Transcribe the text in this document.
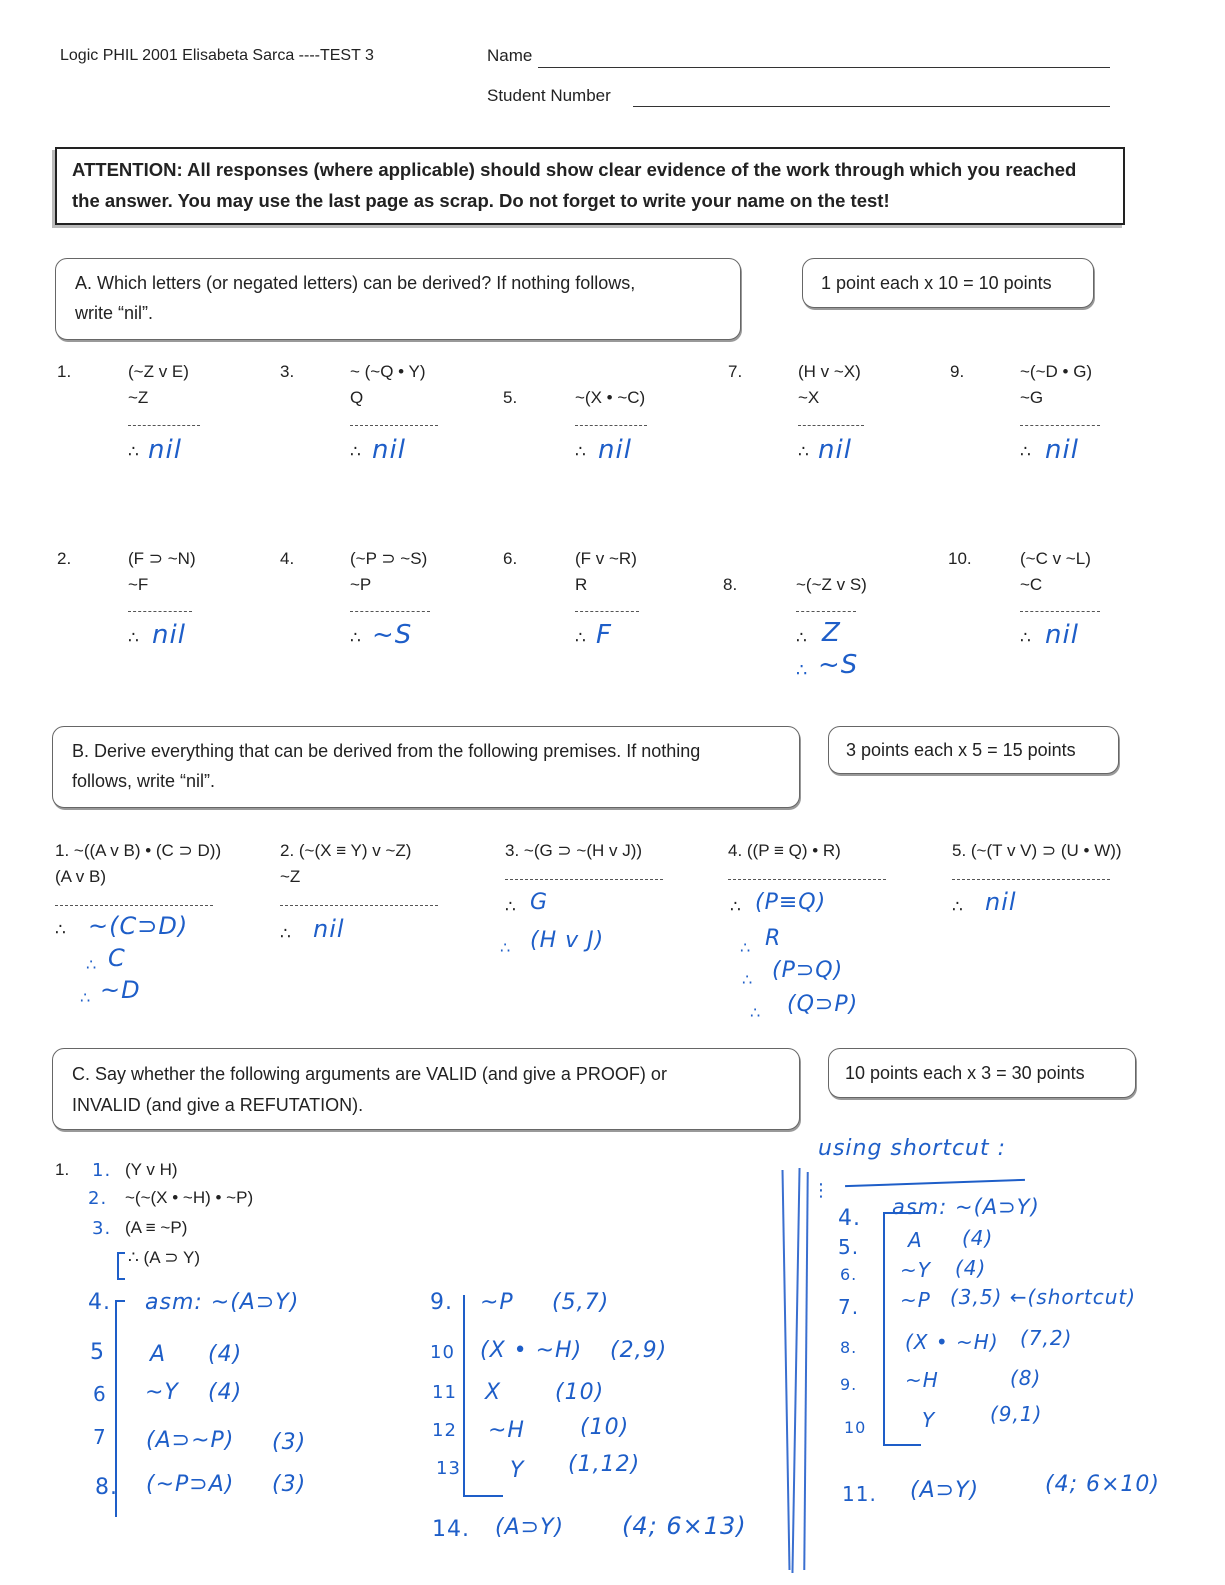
Logic PHIL 2001 Elisabeta Sarca ----TEST 3	Name
Student Number
ATTENTION: All responses (where applicable) should show clear evidence of the work through which you reached
the answer. You may use the last page as scrap. Do not forget to write your name on the test!
A. Which letters (or negated letters) can be derived? If nothing follows,
write “nil”.
1 point each x 10 = 10 points
1.	(~Z v E)
~Z
∴ nil
3.	~ (~Q • Y)
Q
∴ nil
5.	~(X • ~C)
∴ nil
7.	(H v ~X)
~X
∴ nil
9.	~(~D • G)
~G
∴ nil
2.	(F ⊃ ~N)
~F
∴ nil
4.	(~P ⊃ ~S)
~P
∴ ~S
6.	(F v ~R)
R
∴ F
8.	~(~Z v S)
∴ Z
∴ ~S
10.	(~C v ~L)
~C
∴ nil
B. Derive everything that can be derived from the following premises. If nothing
follows, write “nil”.
3 points each x 5 = 15 points
1. ~((A v B) • (C ⊃ D))
(A v B)
∴ ~(C⊃D)
∴ C
∴ ~D
2. (~(X ≡ Y) v ~Z)
~Z
∴ nil
3. ~(G ⊃ ~(H v J))
∴ G
∴ (H v J)
4. ((P ≡ Q) • R)
∴ (P≡Q)
∴ R
∴ (P⊃Q)
∴ (Q⊃P)
5. (~(T v V) ⊃ (U • W))
∴ nil
C. Say whether the following arguments are VALID (and give a PROOF) or
INVALID (and give a REFUTATION).
10 points each x 3 = 30 points
1. 1. (Y v H)
2. ~(~(X • ~H) • ~P)
3. (A ≡ ~P)
∴ (A ⊃ Y)
4. asm: ~(A⊃Y)
5 A (4)
6 ~Y (4)
7 (A⊃~P) (3)
8. (~P⊃A) (3)
9. ~P (5,7)
10 (X • ~H) (2,9)
11 X (10)
12 ~H	(10)
13 Y (1,12)
14. (A⊃Y) (4; 6×13)
using shortcut :
⋮
4. asm: ~(A⊃Y)
5. A (4)
6. ~Y (4)
7. ~P (3,5) ←(shortcut)
8. (X • ~H) (7,2)
9. ~H	(8)
10	Y	(9,1)
11. (A⊃Y)	(4; 6×10)
